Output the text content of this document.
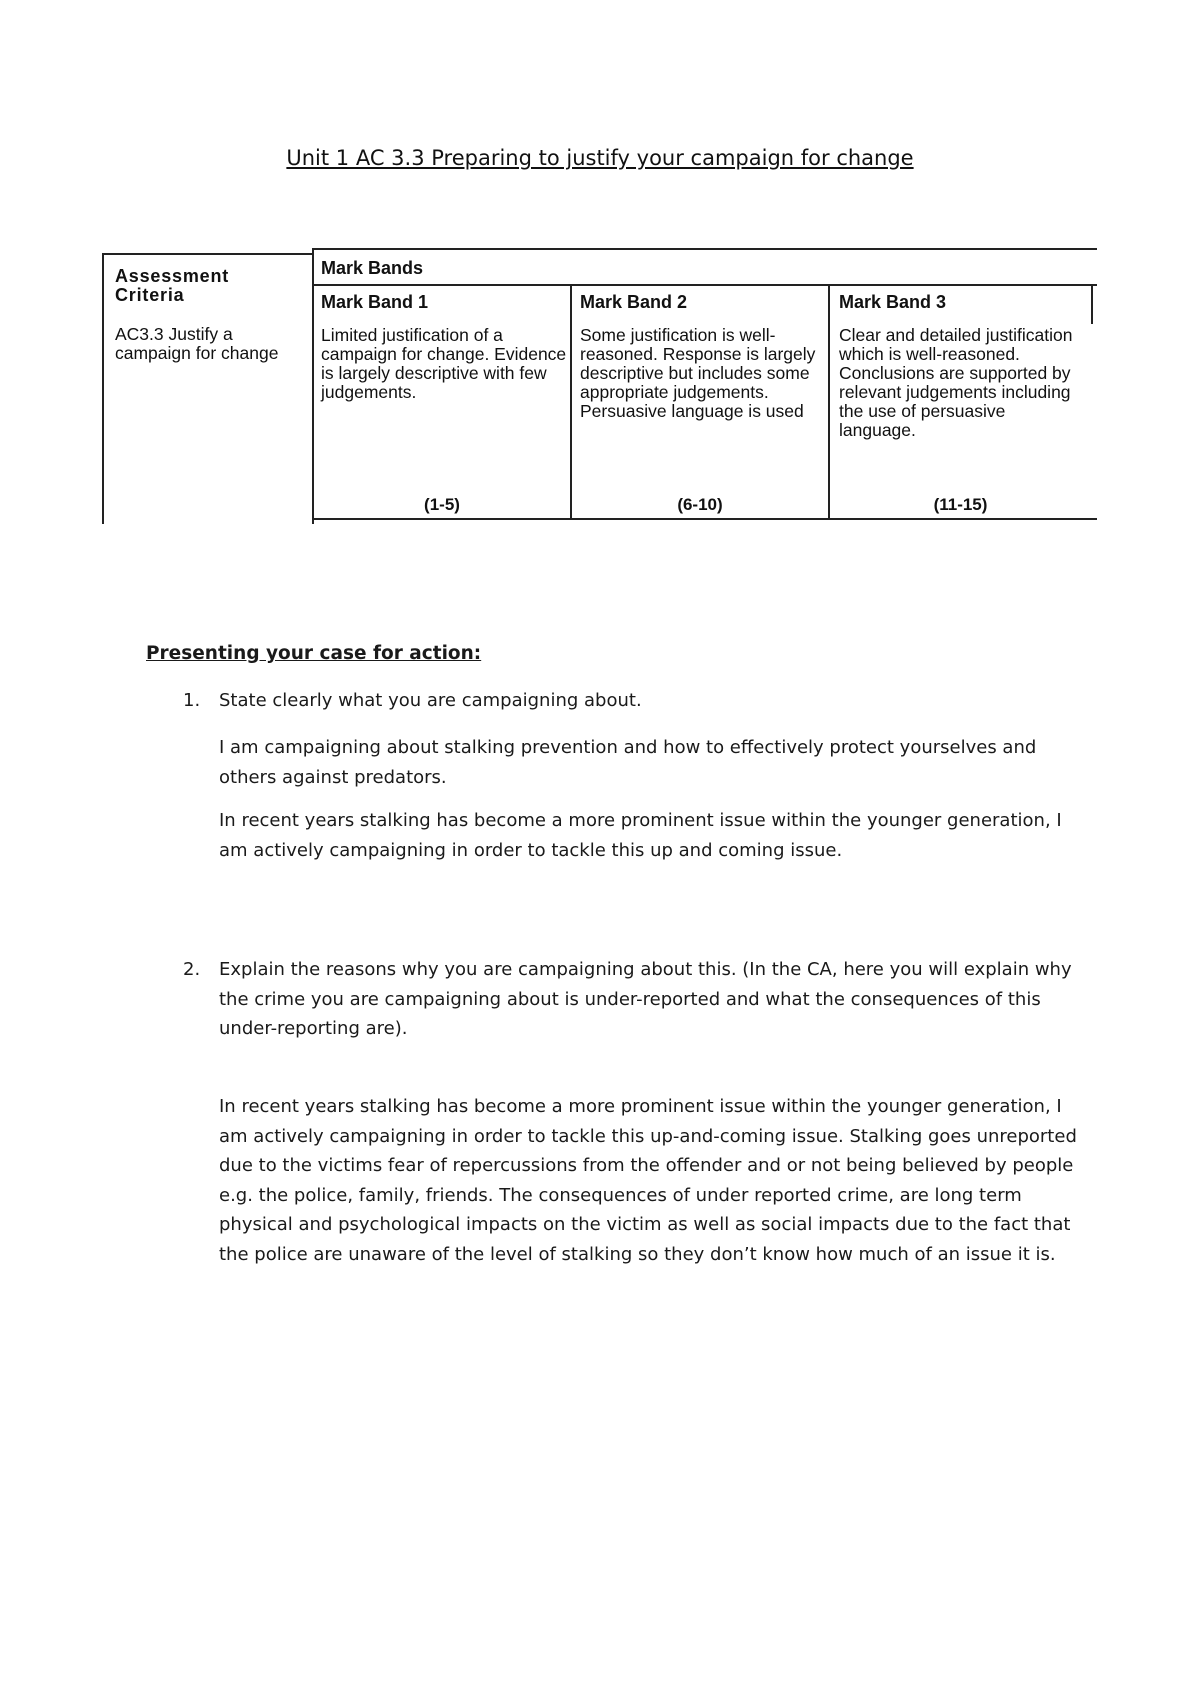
Unit 1 AC 3.3 Preparing to justify your campaign for change
Assessment Criteria
AC3.3 Justify a campaign for change
Mark Bands
Mark Band 1
Limited justification of a campaign for change. Evidence is largely descriptive with few judgements.
(1-5)
Mark Band 2
Some justification is well-reasoned. Response is largely descriptive but includes some appropriate judgements. Persuasive language is used
(6-10)
Mark Band 3
Clear and detailed justification which is well-reasoned. Conclusions are supported by relevant judgements including the use of persuasive language.
(11-15)
Presenting your case for action:
1. State clearly what you are campaigning about.
I am campaigning about stalking prevention and how to effectively protect yourselves and others against predators.
In recent years stalking has become a more prominent issue within the younger generation, I am actively campaigning in order to tackle this up and coming issue.
2. Explain the reasons why you are campaigning about this. (In the CA, here you will explain why the crime you are campaigning about is under-reported and what the consequences of this under-reporting are).
In recent years stalking has become a more prominent issue within the younger generation, I am actively campaigning in order to tackle this up-and-coming issue. Stalking goes unreported due to the victims fear of repercussions from the offender and or not being believed by people e.g. the police, family, friends. The consequences of under reported crime, are long term physical and psychological impacts on the victim as well as social impacts due to the fact that the police are unaware of the level of stalking so they don’t know how much of an issue it is.
